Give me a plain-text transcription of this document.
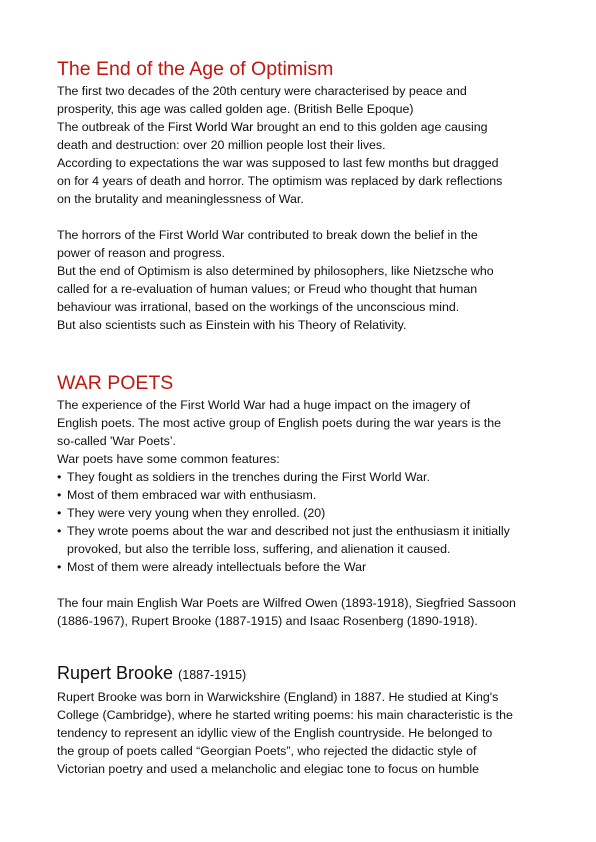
The End of the Age of Optimism

The first two decades of the 20th century were characterised by peace and
prosperity, this age was called golden age. (British Belle Epoque)
The outbreak of the First World War brought an end to this golden age causing
death and destruction: over 20 million people lost their lives.
According to expectations the war was supposed to last few months but dragged
on for 4 years of death and horror. The optimism was replaced by dark reflections
on the brutality and meaninglessness of War.

The horrors of the First World War contributed to break down the belief in the
power of reason and progress.
But the end of Optimism is also determined by philosophers, like Nietzsche who
called for a re-evaluation of human values; or Freud who thought that human
behaviour was irrational, based on the workings of the unconscious mind.
But also scientists such as Einstein with his Theory of Relativity.

WAR POETS

The experience of the First World War had a huge impact on the imagery of
English poets. The most active group of English poets during the war years is the
so-called 'War Poets’.
War poets have some common features:

• They fought as soldiers in the trenches during the First World War.
• Most of them embraced war with enthusiasm.
• They were very young when they enrolled. (20)
• They wrote poems about the war and described not just the enthusiasm it initially provoked, but also the terrible loss, suffering, and alienation it caused.
• Most of them were already intellectuals before the War

The four main English War Poets are Wilfred Owen (1893-1918), Siegfried Sassoon
(1886-1967), Rupert Brooke (1887-1915) and Isaac Rosenberg (1890-1918).

Rupert Brooke (1887-1915)

Rupert Brooke was born in Warwickshire (England) in 1887. He studied at King's
College (Cambridge), where he started writing poems: his main characteristic is the
tendency to represent an idyllic view of the English countryside. He belonged to
the group of poets called “Georgian Poets”, who rejected the didactic style of
Victorian poetry and used a melancholic and elegiac tone to focus on humble
